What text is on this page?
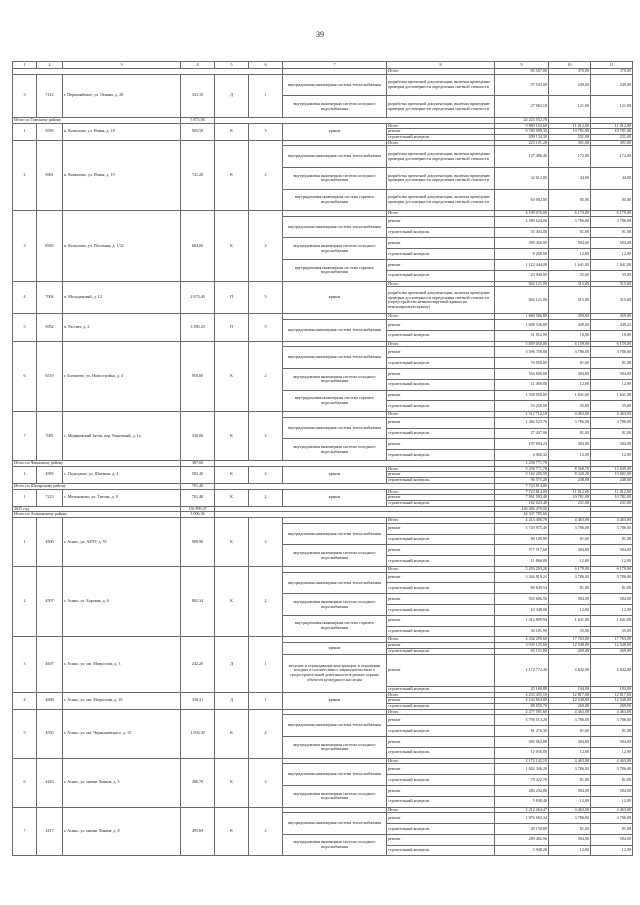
39
1	2	3	4	5	6	7	8	9	10	11
							Итого	85 507,00	370,00	370,00
3	7412	г. Первомайское, ул. Ленина, д. 28	333,10	Д	1	внутридомовая инженерная система теплоснабжения	разработка проектной документации, включая проведение проверки достоверности определения сметной стоимости	57 543,00	249,00	249,00
						внутридомовая инженерная система холодного водоснабжения	разработка проектной документации, включая проведение проверки достоверности определения сметной стоимости	27 963,10	121,00	121,00
Итого по Томскому району			5 875,06					24 223 532,78		
1	6959	п. Копылово, ул. Новая, д. 18	905,50	К	3	крыша	Итого	9 969 163,60	11 012,00	11 012,00
							ремонт	9 760 009,30	10 781,00	10 781,00
							строительный контроль	209 134,30	231,00	231,00
2	6961	п. Копылово, ул. Новая, д. 19	741,20	К	2		Итого	223 101,20	301,00	301,00
						внутридомовая инженерная система теплоснабжения	разработка проектной документации, включая проведение проверки достоверности определения сметной стоимости	127 486,40	172,00	172,00
						внутридомовая инженерная система холодного водоснабжения	разработка проектной документации, включая проведение проверки достоверности определения сметной стоимости	32 612,80	44,00	44,00
						внутридомовая инженерная система горячего водоснабжения	разработка проектной документации, включая проведение проверки достоверности определения сметной стоимости	63 002,00	85,00	85,00
3	8565	п. Копылово, ул. Песочная, д. 1/32	684,00	К	3		Итого	4 199 076,00	6 179,00	6 179,00
						внутридомовая инженерная система теплоснабжения	ремонт	2 589 624,00	3 786,00	3 786,00
							строительный контроль	55 404,00	81,00	81,00
						внутридомовая инженерная система холодного водоснабжения	ремонт	399 456,00	584,00	584,00
							строительный контроль	8 208,00	12,00	12,00
						внутридомовая инженерная система горячего водоснабжения	ремонт	1 122 444,00	1 641,00	1 641,00
							строительный контроль	23 940,00	35,00	35,00
4	7004	п. Молодежный, д. 12	2 673,40	П	5	крыша	Итого	842 121,00	315,00	315,00
							разработка проектной документации, включая проведение проверки достоверности определения сметной стоимости (переустройство невентилируемой крыши на вентилируемую крышу)	842 121,00	315,00	315,00
5	6952	п. Рассвет, д. 2	3 580,20	П	5		Итого	1 660 586,80	459,00	459,00
						внутридомовая инженерная система теплоснабжения	ремонт	1 608 536,80	449,00	449,22
							строительный контроль	51 052,00	10,00	10,00
6	6519	г. Богашево, ул. Новостройка, д. 3	950,00	К	2		Итого	5 859 050,00	6 159,00	6 159,00
						внутридомовая инженерная система теплоснабжения	ремонт	3 596 700,00	3 786,00	3 786,00
							строительный контроль	76 950,00	81,00	81,00
						внутридомовая инженерная система холодного водоснабжения	ремонт	554 800,00	584,00	584,00
							строительный контроль	11 400,00	12,00	12,00
						внутридомовая инженерная система горячего водоснабжения	ремонт	1 558 950,00	1 641,00	1 641,00
							строительный контроль	53 250,00	35,00	35,00
7	7081	с. Моряковский Затон, пер. Рыночный, д. 1а	330,86	К	2		Итого	1 512 712,18	4 463,00	4 463,00
						внутридомовая инженерная система теплоснабжения	ремонт	1 282 523,76	3 786,00	3 786,00
							строительный контроль	27 447,66	81,00	81,00
						внутридомовая инженерная система холодного водоснабжения	ремонт	197 894,24	584,00	584,00
							строительный контроль	4 066,32	12,00	12,00
Итого по Чаинскому району			387,60					2 258 771,78		
1	4995	с. Подгорное, ул. Шахтная, д. 4	583,40	К	2	крыша	Итого	5 258 771,78	8 568,70	13 849,00
							ремонт	5 162 200,58	8 320,20	13 601,00
							строительный контроль	96 571,20	248,00	248,00
Итого по Шегарскому району			701,40					7 723 814,00		
1	7215	с. Мельниково, ул. Титова, д. 8	701,40	К	2	крыша	Итого	7 723 814,00	11 012,00	11 012,00
							ремонт	7 561 593,40	10 781,00	10 781,00
							строительный контроль	162 023,40	231,00	231,00
2025 год			156 899,37					446 456 470,06		
Итого по Асиновскому району			3 006,36					44 337 785,66		
1	4506	г. Асино, ул. АРЛУ, д. 55	988,90	К	2		Итого	4 413 400,70	4 463,00	4 463,00
						внутридомовая инженерная система теплоснабжения	ремонт	3 743 975,40	3 786,00	3 786,00
							строительный контроль	80 100,90	81,00	81,00
						внутридомовая инженерная система холодного водоснабжения	ремонт	577 517,60	584,00	584,00
							строительный контроль	11 866,80	12,00	12,00
2	4507	г. Асино, ул. Боровая, д. 6	862,34	К	2		Итого	5 293 293,26	6 179,00	6 179,00
						внутридомовая инженерная система теплоснабжения	ремонт	3 264 819,24	3 786,00	3 786,00
							строительный контроль	69 849,54	81,00	81,00
						внутридомовая инженерная система холодного водоснабжения	ремонт	503 606,56	584,00	584,00
							строительный контроль	10 348,08	12,00	12,00
						внутридомовая инженерная система горячего водоснабжения	ремонт	1 414 899,94	1 641,00	1 641,00
							строительный контроль	30 181,90	35,00	35,00
3	4607	г. Асино, ул. им. Матросова, д. 3	242,20	Д	1		Итого	4 332 299,60	17 763,00	17 763,00
						крыша	ремонт	3 039 125,60	12 548,00	12 548,00
							строительный контроль	65 151,80	269,00	269,00
						несущие и ограждающие конструкции, в отношении которых в соответствии с законодательством о градостроительной деятельности в рамках охраны объектов культурного наследия	ремонт	1 172 772,40	4 842,00	4 842,00
							строительный контроль	25 180,80	104,00	104,00
4	4608	г. Асино, ул. им. Матросова, д. 18	330,31	Д	1	крыша	Итого	4 233 455,10	12 817,00	12 817,00
							ремонт	4 144 854,80	12 548,00	12 548,00
							строительный контроль	88 850,70	269,00	269,00
5	4550	г. Асино, ул. им. Чернышевского, д. 15	1 003,30	К	2		Итого	4 477 581,60	4 463,00	4 463,00
						внутридомовая инженерная система теплоснабжения	ремонт	3 798 513,20	3 786,00	3 786,00
							строительный контроль	81 276,30	81,00	81,00
						внутридомовая инженерная система холодного водоснабжения	ремонт	585 963,80	584,00	584,00
							строительный контроль	12 036,80	12,00	12,00
6	4416	г. Асино, ул. имени Ленина, д. 5	486,70	К	2		Итого	2 172 142,10	4 463,00	4 463,00
						внутридомовая инженерная система теплоснабжения	ремонт	1 842 346,20	3 786,00	3 786,00
							строительный контроль	79 422,70	81,00	81,00
						внутридомовая инженерная система холодного водоснабжения	ремонт	284 232,80	584,00	584,00
							строительный контроль	5 840,40	12,00	12,00
7	4417	г. Асино, ул. имени Ленина, д. 8	495,69	К	2		Итого	2 212 264,47	4 463,00	4 463,00
						внутридомовая инженерная система теплоснабжения	ремонт	1 876 682,34	3 786,00	3 786,00
							строительный контроль	40 150,89	81,00	81,00
						внутридомовая инженерная система холодного водоснабжения	ремонт	289 482,96	584,00	584,00
							строительный контроль	5 948,28	12,00	12,00
